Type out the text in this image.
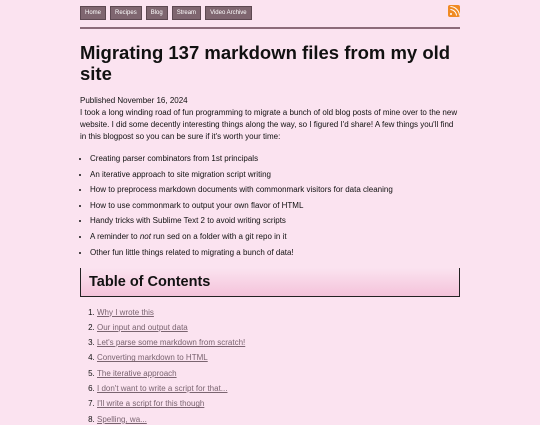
Home	Recipes	Blog	Stream	Video Archive
Migrating 137 markdown files from my old site
Published November 16, 2024

I took a long winding road of fun programming to migrate a bunch of old blog posts of mine over to the new website. I did some decently interesting things along the way, so I figured I'd share! A few things you'll find in this blogpost so you can be sure if it's worth your time:

• Creating parser combinators from 1st principals
• An iterative approach to site migration script writing
• How to preprocess markdown documents with commonmark visitors for data cleaning
• How to use commonmark to output your own flavor of HTML
• Handy tricks with Sublime Text 2 to avoid writing scripts
• A reminder to not run sed on a folder with a git repo in it
• Other fun little things related to migrating a bunch of data!
Table of Contents
1. Why I wrote this
2. Our input and output data
3. Let's parse some markdown from scratch!
4. Converting markdown to HTML
5. The iterative approach
6. I don't want to write a script for that...
7. I'll write a script for this though
8. Spelling, wa...
